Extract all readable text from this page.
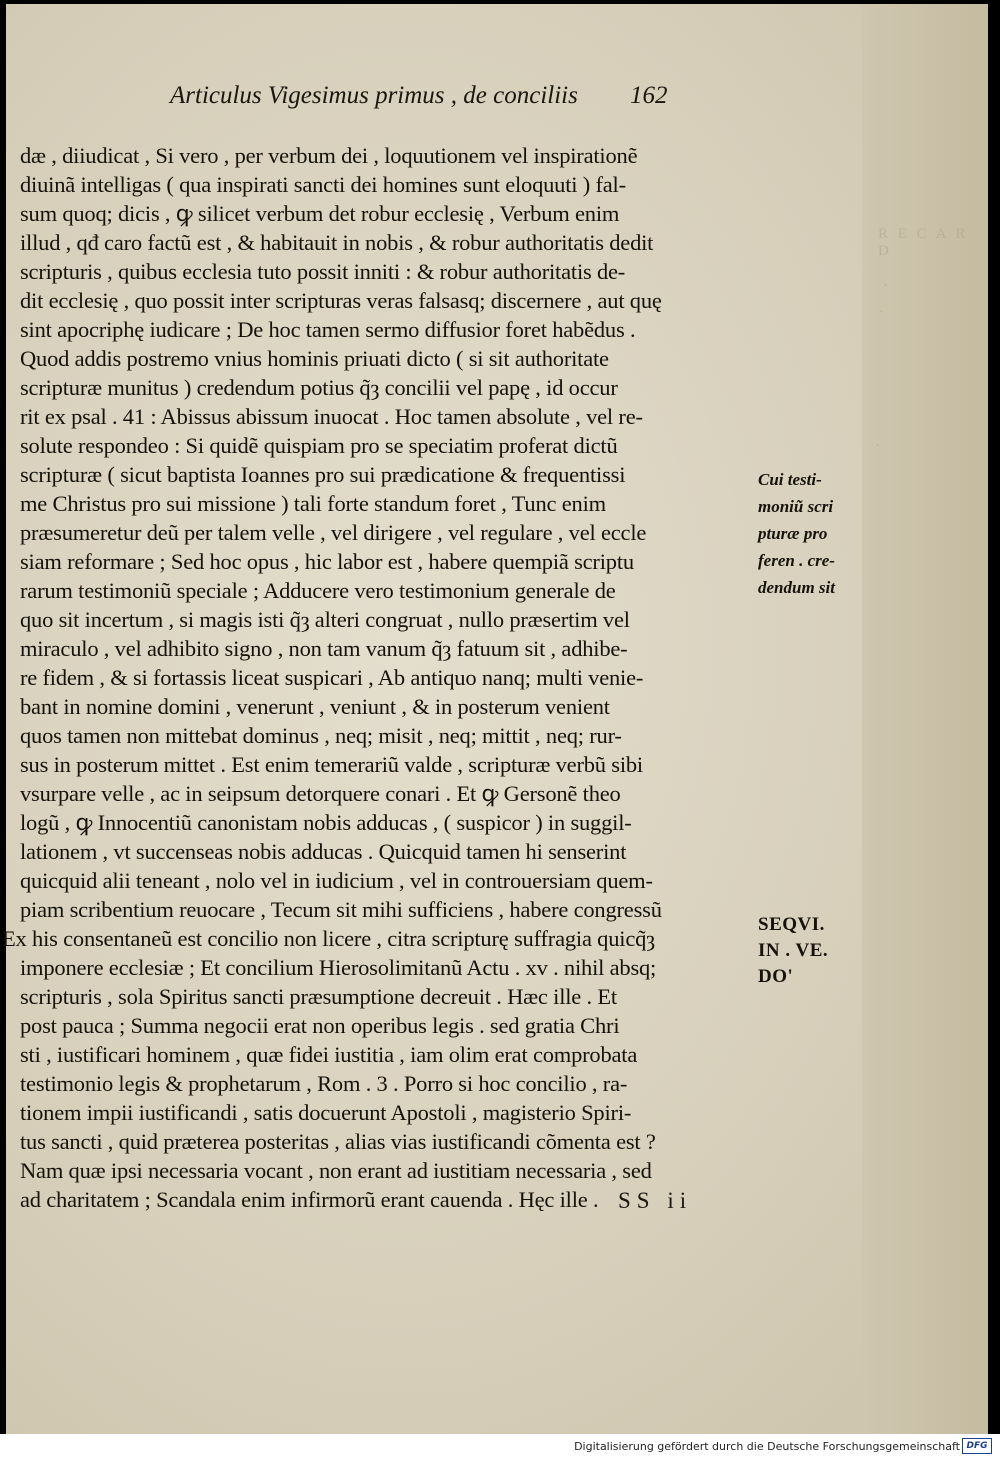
R E C A R D
.
.
.
Articulus Vigesimus primus , de conciliis 162
dæ , diiudicat , Si vero , per verbum dei , loquutionem vel inspirationẽ
diuinã intelligas ( qua inspirati sancti dei homines sunt eloquuti ) fal-
sum quoq; dicis , ꝙ silicet verbum det robur ecclesię , Verbum enim
illud , qđ caro factũ est , & habitauit in nobis , & robur authoritatis dedit
scripturis , quibus ecclesia tuto possit inniti : & robur authoritatis de-
dit ecclesię , quo possit inter scripturas veras falsasq; discernere , aut quę
sint apocriphę iudicare ; De hoc tamen sermo diffusior foret habẽdus .
Quod addis postremo vnius hominis priuati dicto ( si sit authoritate
scripturæ munitus ) credendum potius q̃ȝ concilii vel papę , id occur
rit ex psal . 41 : Abissus abissum inuocat . Hoc tamen absolute , vel re-
solute respondeo : Si quidẽ quispiam pro se speciatim proferat dictũ
scripturæ ( sicut baptista Ioannes pro sui prædicatione & frequentissi
me Christus pro sui missione ) tali forte standum foret , Tunc enim
præsumeretur deũ per talem velle , vel dirigere , vel regulare , vel eccle
siam reformare ; Sed hoc opus , hic labor est , habere quempiã scriptu
rarum testimoniũ speciale ; Adducere vero testimonium generale de
quo sit incertum , si magis isti q̃ȝ alteri congruat , nullo præsertim vel
miraculo , vel adhibito signo , non tam vanum q̃ȝ fatuum sit , adhibe-
re fidem , & si fortassis liceat suspicari , Ab antiquo nanq; multi venie-
bant in nomine domini , venerunt , veniunt , & in posterum venient
quos tamen non mittebat dominus , neq; misit , neq; mittit , neq; rur-
sus in posterum mittet . Est enim temerariũ valde , scripturæ verbũ sibi
vsurpare velle , ac in seipsum detorquere conari . Et ꝙ Gersonẽ theo
logũ , ꝙ Innocentiũ canonistam nobis adducas , ( suspicor ) in suggil-
lationem , vt succenseas nobis adducas . Quicquid tamen hi senserint
quicquid alii teneant , nolo vel in iudicium , vel in controuersiam quem-
piam scribentium reuocare , Tecum sit mihi sufficiens , habere congressũ
Ex his consentaneũ est concilio non licere , citra scripturę suffragia quicq̃ȝ
imponere ecclesiæ ; Et concilium Hierosolimitanũ Actu . xv . nihil absq;
scripturis , sola Spiritus sancti præsumptione decreuit . Hæc ille . Et
post pauca ; Summa negocii erat non operibus legis . sed gratia Chri
sti , iustificari hominem , quæ fidei iustitia , iam olim erat comprobata
testimonio legis & prophetarum , Rom . 3 . Porro si hoc concilio , ra-
tionem impii iustificandi , satis docuerunt Apostoli , magisterio Spiri-
tus sancti , quid præterea posteritas , alias vias iustificandi cõmenta est ?
Nam quæ ipsi necessaria vocant , non erant ad iustitiam necessaria , sed
ad charitatem ; Scandala enim infirmorũ erant cauenda . Hęc ille .
Cui testi-
moniũ scri
pturæ pro
feren . cre-
dendum sit
SEQVI.
IN . VE.
DO'
SS ii
Digitalisierung gefördert durch die Deutsche Forschungsgemeinschaft DFG
